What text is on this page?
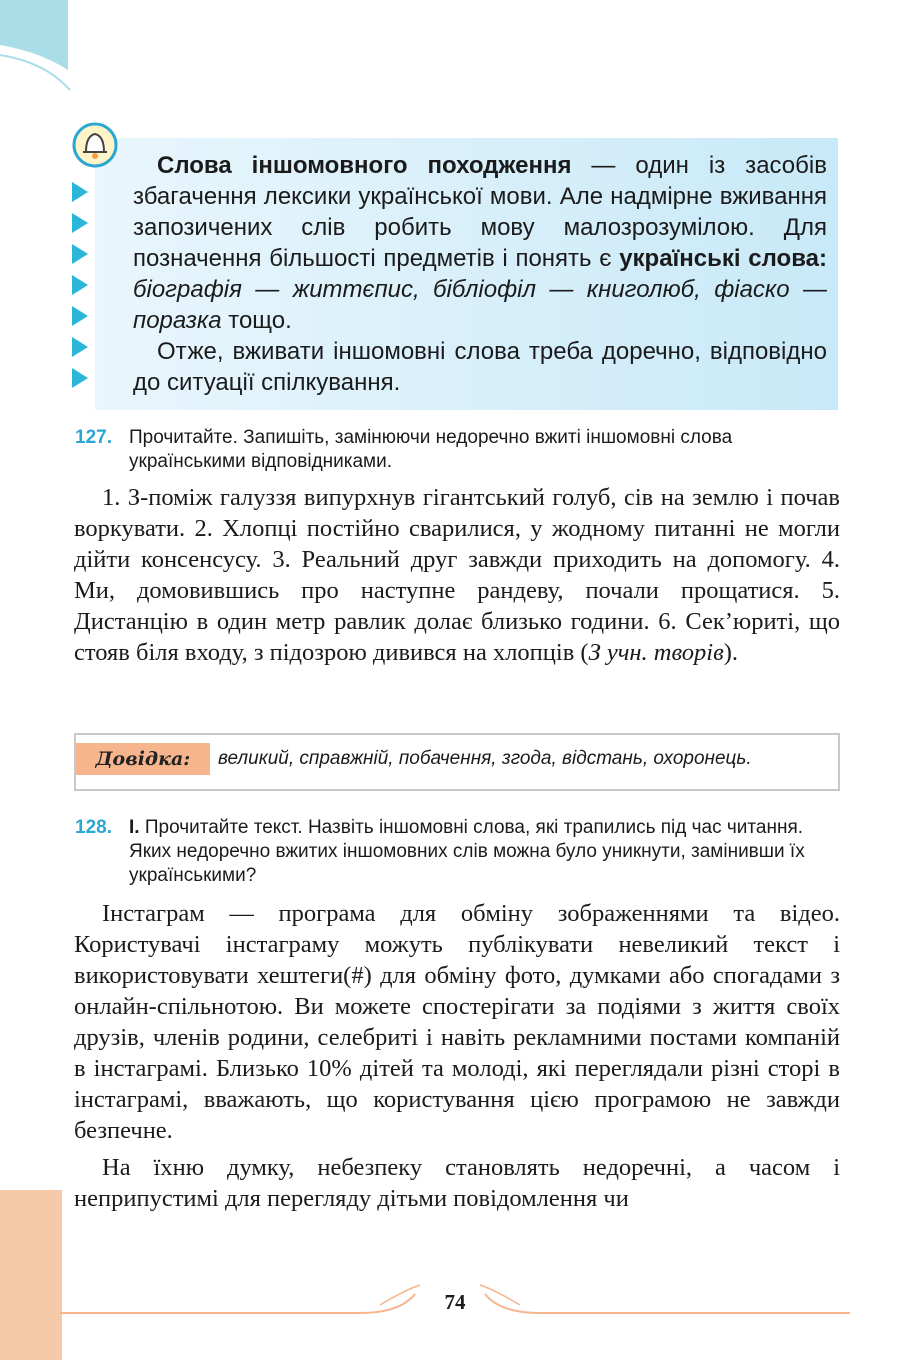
Слова іншомовного походження — один із засобів збагачення лексики української мови. Але надмірне вживання запозичених слів робить мову малозрозумілою. Для позначення більшості предметів і понять є українські слова: біографія — життєпис, бібліофіл — книголюб, фіаско — поразка тощо.

Отже, вживати іншомовні слова треба доречно, відповідно до ситуації спілкування.

127. Прочитайте. Запишіть, замінюючи недоречно вжиті іншомовні слова українськими відповідниками.

1. З-поміж галуззя випурхнув гігантський голуб, сів на землю і почав воркувати. 2. Хлопці постійно сварилися, у жодному питанні не могли дійти консенсусу. 3. Реальний друг завжди приходить на допомогу. 4. Ми, домовившись про наступне рандеву, почали прощатися. 5. Дистанцію в один метр равлик долає близько години. 6. Сек’юриті, що стояв біля входу, з підозрою дивився на хлопців (З учн. творів).

Довідка:	великий, справжній, побачення, згода, відстань, охоронець.
128. І. Прочитайте текст. Назвіть іншомовні слова, які трапились під час читання. Яких недоречно вжитих іншомовних слів можна було уникнути, замінивши їх українськими?

Інстаграм — програма для обміну зображеннями та відео. Користувачі інстаграму можуть публікувати невеликий текст і використовувати хештеги(#) для обміну фото, думками або спогадами з онлайн-спільнотою. Ви можете спостерігати за подіями з життя своїх друзів, членів родини, селебриті і навіть рекламними постами компаній в інстаграмі. Близько 10% дітей та молоді, які переглядали різні сторі в інстаграмі, вважають, що користування цією програмою не завжди безпечне.

На їхню думку, небезпеку становлять недоречні, а часом і неприпустимі для перегляду дітьми повідомлення чи

74
